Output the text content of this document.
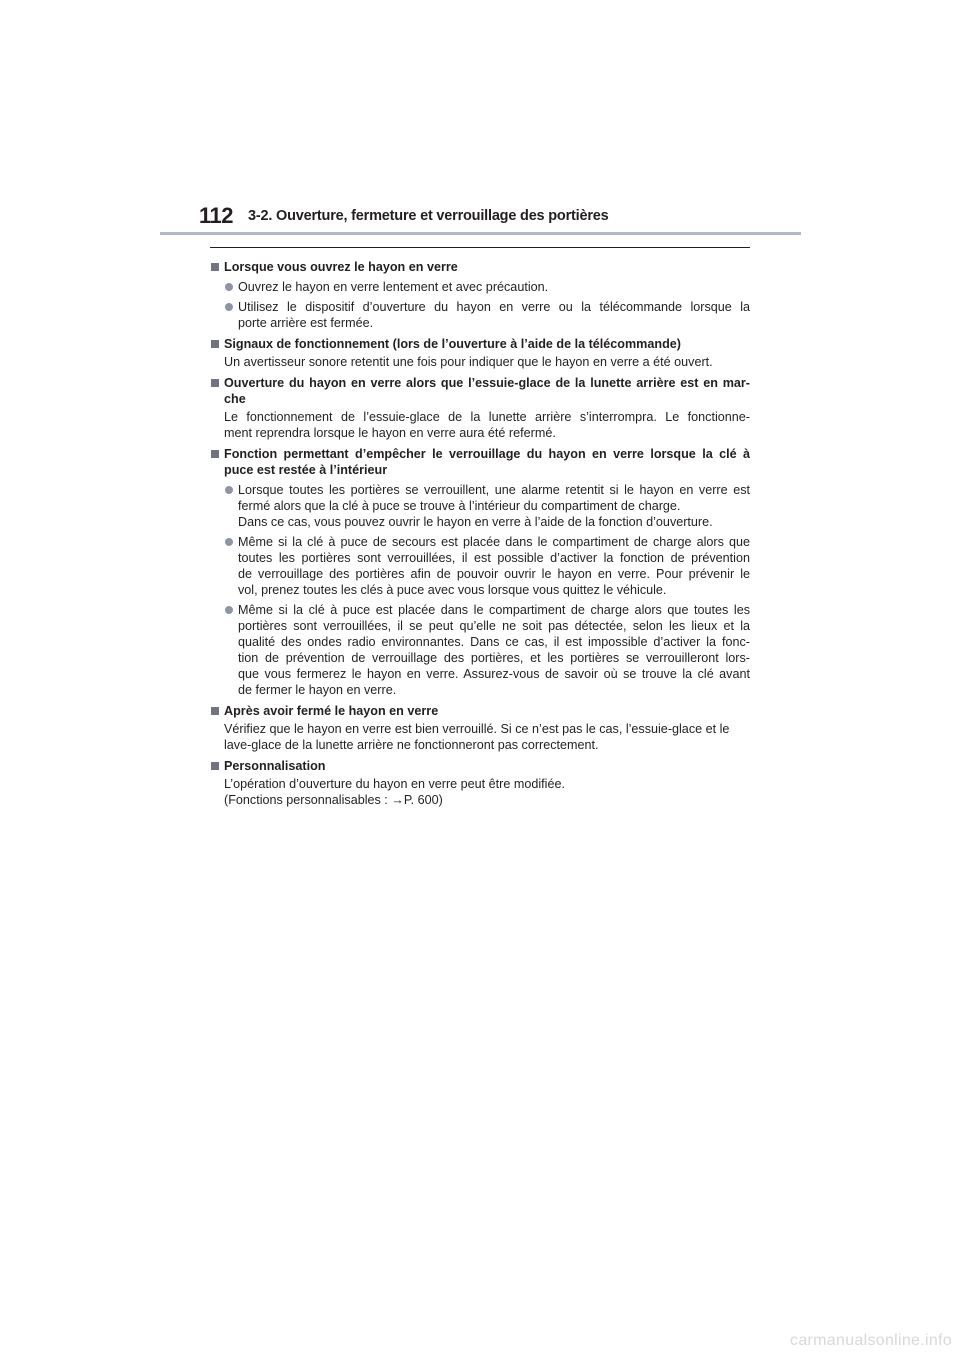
112 3-2. Ouverture, fermeture et verrouillage des portières
Lorsque vous ouvrez le hayon en verre
Ouvrez le hayon en verre lentement et avec précaution.
Utilisez le dispositif d’ouverture du hayon en verre ou la télécommande lorsque la
porte arrière est fermée.
Signaux de fonctionnement (lors de l’ouverture à l’aide de la télécommande)
Un avertisseur sonore retentit une fois pour indiquer que le hayon en verre a été ouvert.
Ouverture du hayon en verre alors que l’essuie-glace de la lunette arrière est en mar-
che
Le fonctionnement de l’essuie-glace de la lunette arrière s’interrompra. Le fonctionne-
ment reprendra lorsque le hayon en verre aura été refermé.
Fonction permettant d’empêcher le verrouillage du hayon en verre lorsque la clé à
puce est restée à l’intérieur
Lorsque toutes les portières se verrouillent, une alarme retentit si le hayon en verre est
fermé alors que la clé à puce se trouve à l’intérieur du compartiment de charge.
Dans ce cas, vous pouvez ouvrir le hayon en verre à l’aide de la fonction d’ouverture.
Même si la clé à puce de secours est placée dans le compartiment de charge alors que
toutes les portières sont verrouillées, il est possible d’activer la fonction de prévention
de verrouillage des portières afin de pouvoir ouvrir le hayon en verre. Pour prévenir le
vol, prenez toutes les clés à puce avec vous lorsque vous quittez le véhicule.
Même si la clé à puce est placée dans le compartiment de charge alors que toutes les
portières sont verrouillées, il se peut qu’elle ne soit pas détectée, selon les lieux et la
qualité des ondes radio environnantes. Dans ce cas, il est impossible d’activer la fonc-
tion de prévention de verrouillage des portières, et les portières se verrouilleront lors-
que vous fermerez le hayon en verre. Assurez-vous de savoir où se trouve la clé avant
de fermer le hayon en verre.
Après avoir fermé le hayon en verre
Vérifiez que le hayon en verre est bien verrouillé. Si ce n’est pas le cas, l’essuie-glace et le
lave-glace de la lunette arrière ne fonctionneront pas correctement.
Personnalisation
L’opération d’ouverture du hayon en verre peut être modifiée.
(Fonctions personnalisables : →P. 600)
carmanualsonline.info
